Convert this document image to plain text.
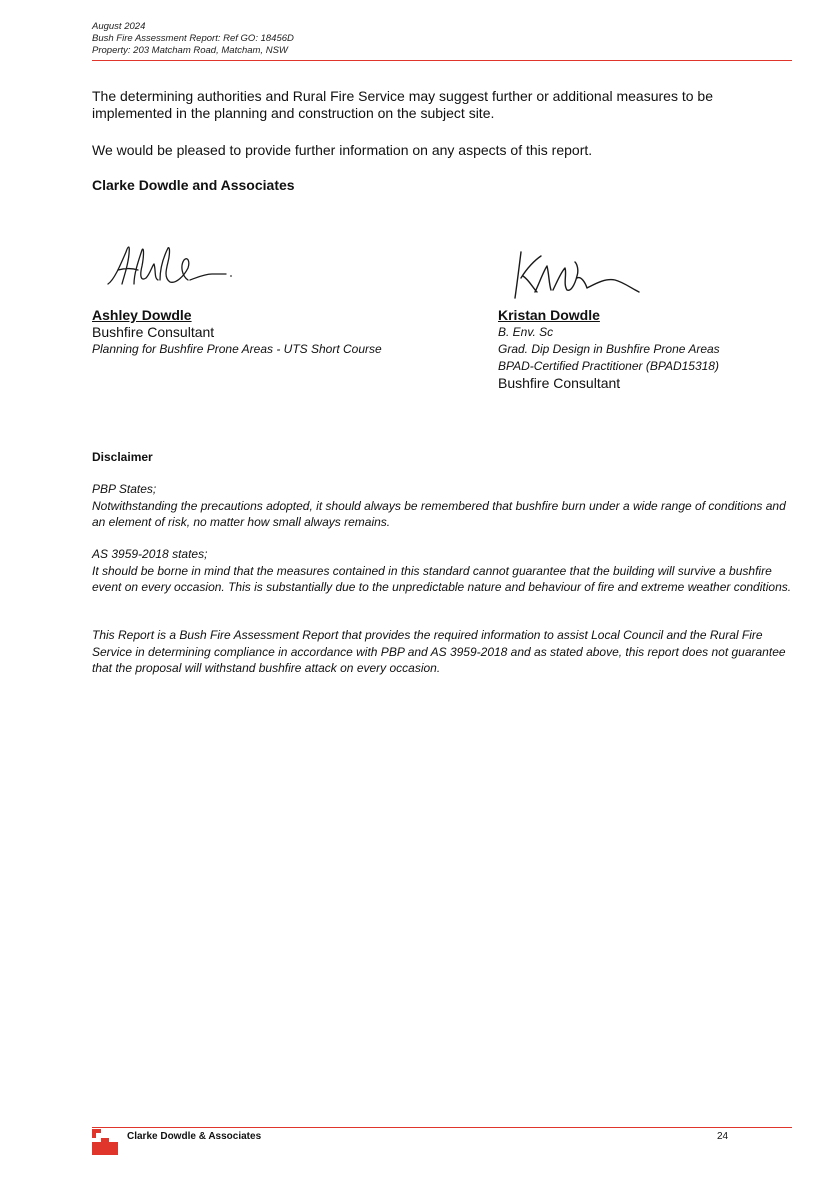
August 2024
Bush Fire Assessment Report: Ref GO: 18456D
Property: 203 Matcham Road, Matcham, NSW
The determining authorities and Rural Fire Service may suggest further or additional measures to be implemented in the planning and construction on the subject site.
We would be pleased to provide further information on any aspects of this report.
Clarke Dowdle and Associates
Ashley Dowdle
Bushfire Consultant
Planning for Bushfire Prone Areas - UTS Short Course
Kristan Dowdle
B. Env. Sc
Grad. Dip Design in Bushfire Prone Areas
BPAD-Certified Practitioner (BPAD15318)
Bushfire Consultant
Disclaimer
PBP States;
Notwithstanding the precautions adopted, it should always be remembered that bushfire burn under a wide range of conditions and an element of risk, no matter how small always remains.
AS 3959-2018 states;
It should be borne in mind that the measures contained in this standard cannot guarantee that the building will survive a bushfire event on every occasion. This is substantially due to the unpredictable nature and behaviour of fire and extreme weather conditions.
This Report is a Bush Fire Assessment Report that provides the required information to assist Local Council and the Rural Fire Service in determining compliance in accordance with PBP and AS 3959-2018 and as stated above, this report does not guarantee that the proposal will withstand bushfire attack on every occasion.
Clarke Dowdle & Associates	24
